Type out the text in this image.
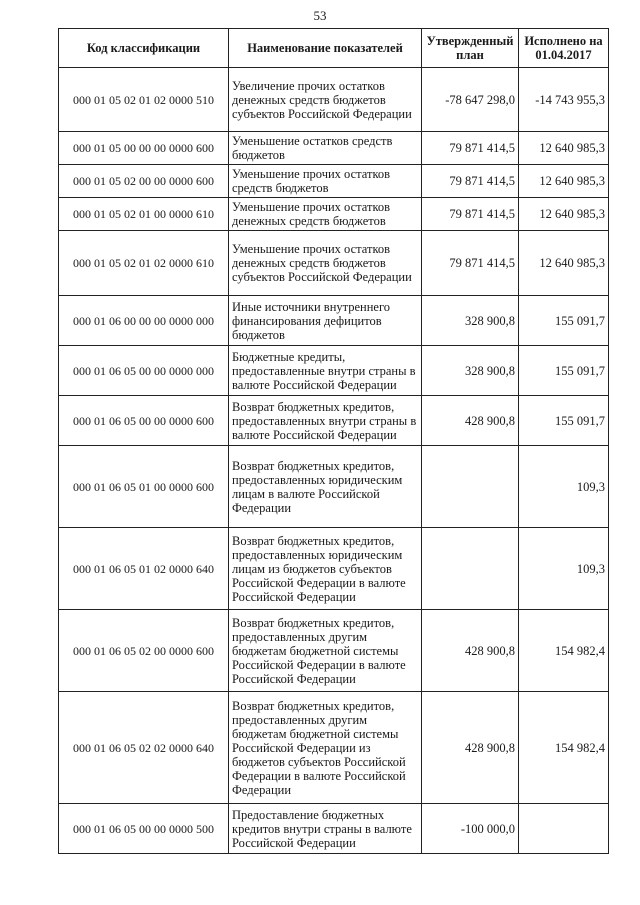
53
Код классификации	Наименование показателей	Утвержденный план	Исполнено на 01.04.2017
000 01 05 02 01 02 0000 510	Увеличение прочих остатков денежных средств бюджетов субъектов Российской Федерации	-78 647 298,0	-14 743 955,3
000 01 05 00 00 00 0000 600	Уменьшение остатков средств бюджетов	79 871 414,5	12 640 985,3
000 01 05 02 00 00 0000 600	Уменьшение прочих остатков средств бюджетов	79 871 414,5	12 640 985,3
000 01 05 02 01 00 0000 610	Уменьшение прочих остатков денежных средств бюджетов	79 871 414,5	12 640 985,3
000 01 05 02 01 02 0000 610	Уменьшение прочих остатков денежных средств бюджетов субъектов Российской Федерации	79 871 414,5	12 640 985,3
000 01 06 00 00 00 0000 000	Иные источники внутреннего финансирования дефицитов бюджетов	328 900,8	155 091,7
000 01 06 05 00 00 0000 000	Бюджетные кредиты, предоставленные внутри страны в валюте Российской Федерации	328 900,8	155 091,7
000 01 06 05 00 00 0000 600	Возврат бюджетных кредитов, предоставленных внутри страны в валюте Российской Федерации	428 900,8	155 091,7
000 01 06 05 01 00 0000 600	Возврат бюджетных кредитов, предоставленных юридическим лицам в валюте Российской Федерации		109,3
000 01 06 05 01 02 0000 640	Возврат бюджетных кредитов, предоставленных юридическим лицам из бюджетов субъектов Российской Федерации в валюте Российской Федерации		109,3
000 01 06 05 02 00 0000 600	Возврат бюджетных кредитов, предоставленных другим бюджетам бюджетной системы Российской Федерации в валюте Российской Федерации	428 900,8	154 982,4
000 01 06 05 02 02 0000 640	Возврат бюджетных кредитов, предоставленных другим бюджетам бюджетной системы Российской Федерации из бюджетов субъектов Российской Федерации в валюте Российской Федерации	428 900,8	154 982,4
000 01 06 05 00 00 0000 500	Предоставление бюджетных кредитов внутри страны в валюте Российской Федерации	-100 000,0	
